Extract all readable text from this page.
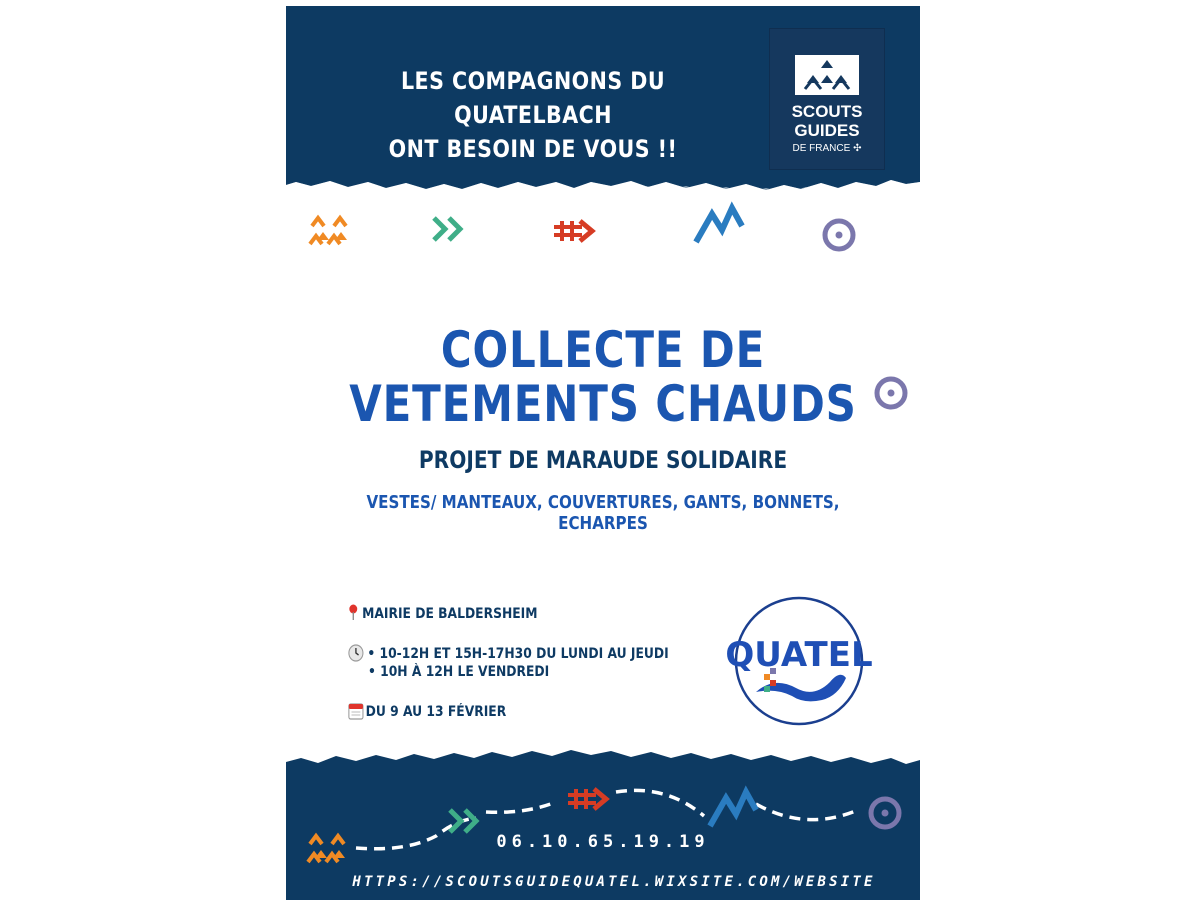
LES COMPAGNONS DU QUATELBACH
ONT BESOIN DE VOUS !!
SCOUTS
GUIDES
DE FRANCE ✣
COLLECTE DE
VETEMENTS CHAUDS
PROJET DE MARAUDE SOLIDAIRE
VESTES/ MANTEAUX, COUVERTURES, GANTS, BONNETS, ECHARPES
MAIRIE DE BALDERSHEIM
• 10-12H ET 15H-17H30 DU LUNDI AU JEUDI
• 10H À 12H LE VENDREDI
DU 9 AU 13 FÉVRIER
QUATEL
06.10.65.19.19
HTTPS://SCOUTSGUIDEQUATEL.WIXSITE.COM/WEBSITE
